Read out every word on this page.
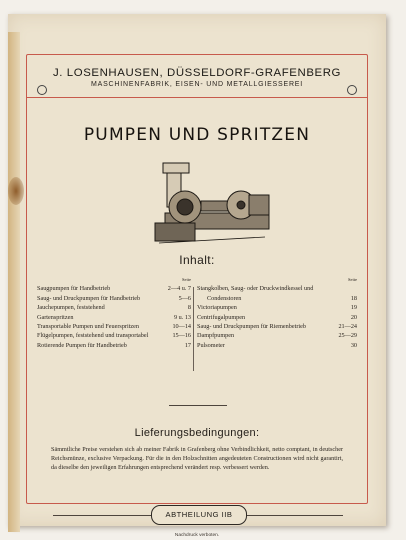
J. LOSENHAUSEN, DÜSSELDORF-GRAFENBERG
MASCHINENFABRIK, EISEN- UND METALLGIESSEREI
PUMPEN UND SPRITZEN
Inhalt:
Seite
Saugpumpen für Handbetrieb	2—4 u. 7
Saug- und Druckpumpen für Handbetrieb	5—6
Jauchepumpen, feststehend	8
Gartenspritzen	9 u. 13
Transportable Pumpen und Feuerspritzen	10—14
Flügelpumpen, feststehend und transportabel	15—16
Rotierende Pumpen für Handbetrieb	17
Seite
Stangkolben, Saug- oder Druckwindkessel und
Condenstoren	18
Victoriapumpen	19
Centrifugalpumpen	20
Saug- und Druckpumpen für Riemenbetrieb	21—24
Dampfpumpen	25—29
Pulsometer	30
Lieferungsbedingungen:
Sämmtliche Preise verstehen sich ab meiner Fabrik in Grafenberg ohne Verbindlichkeit, netto comptant, in deutscher Reichsmünze, exclusive Verpackung. Für die in den Holzschnitten angedeuteten Constructionen wird nicht garantirt, da dieselbe den jeweiligen Erfahrungen entsprechend verändert resp. verbessert werden.
ABTHEILUNG IIB
Nachdruck verboten.
